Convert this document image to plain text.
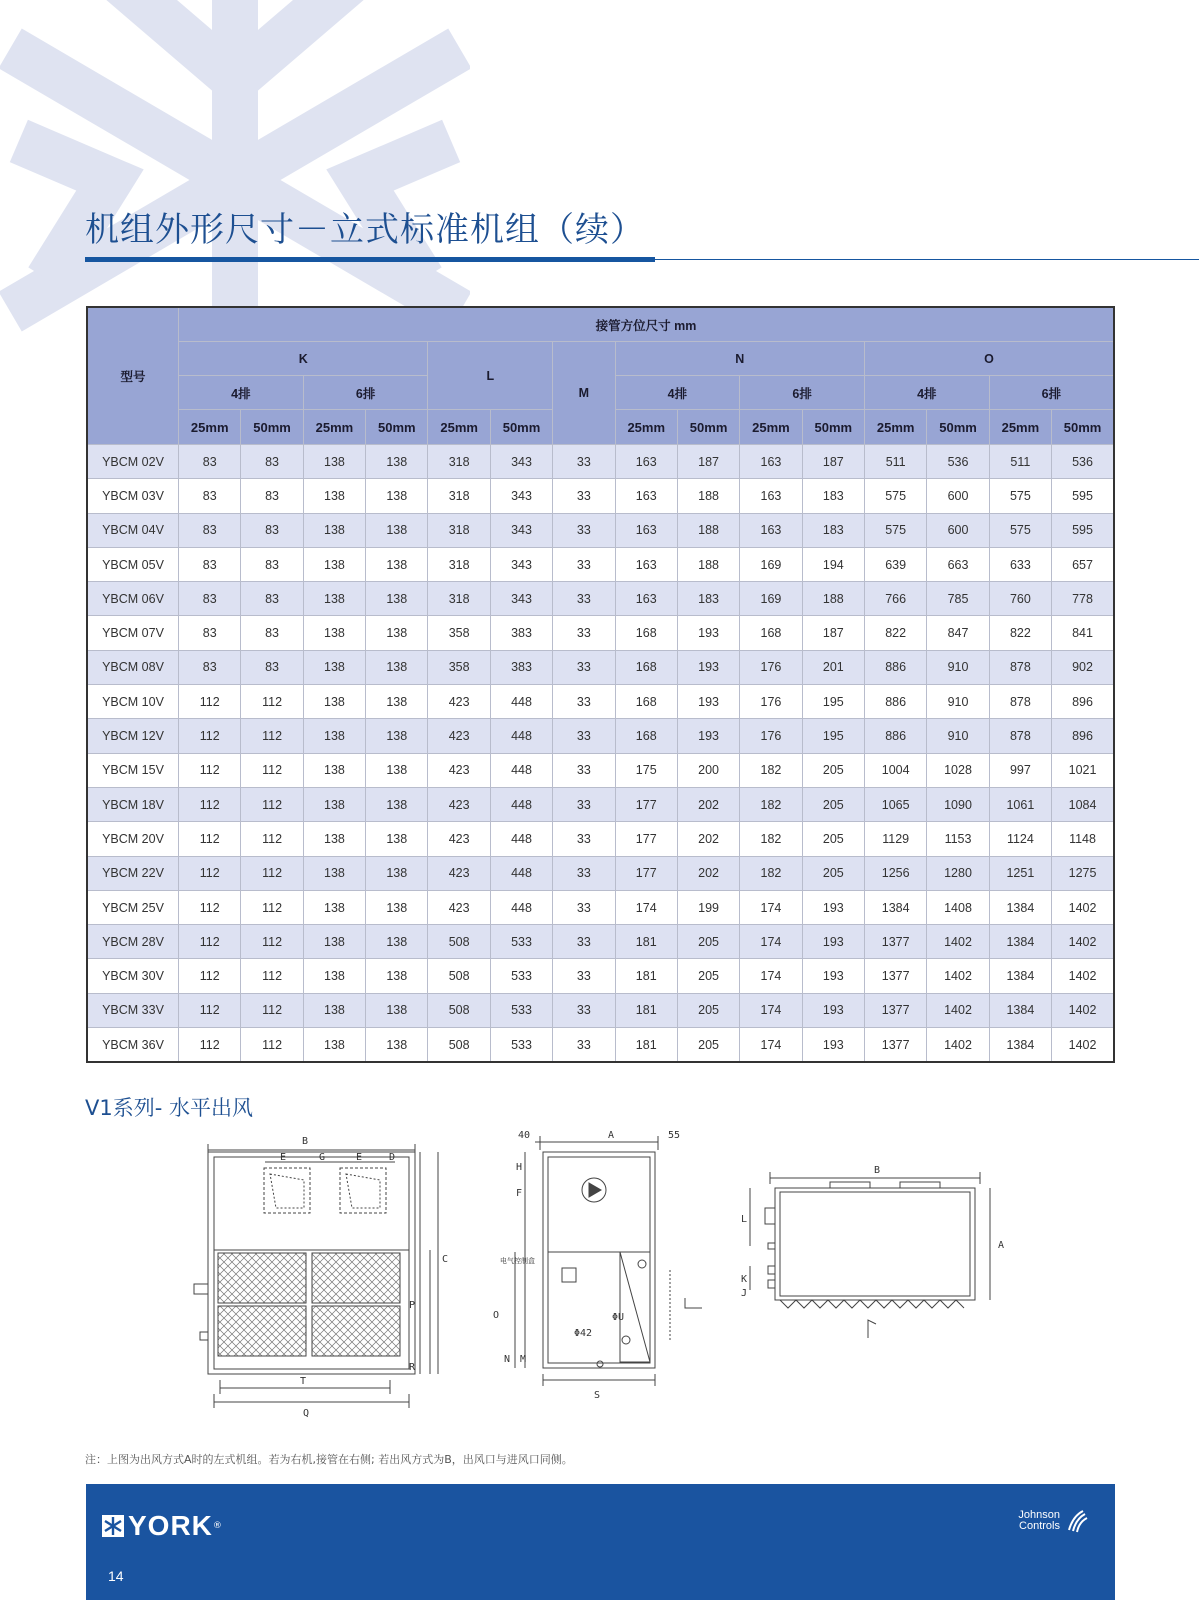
机组外形尺寸－立式标准机组（续）
型号	接管方位尺寸 mm														
	K				L		M	N				O			
	4排		6排					4排		6排		4排		6排	
	25mm	50mm	25mm	50mm	25mm	50mm		25mm	50mm	25mm	50mm	25mm	50mm	25mm	50mm
YBCM 02V	83	83	138	138	318	343	33	163	187	163	187	511	536	511	536
YBCM 03V	83	83	138	138	318	343	33	163	188	163	183	575	600	575	595
YBCM 04V	83	83	138	138	318	343	33	163	188	163	183	575	600	575	595
YBCM 05V	83	83	138	138	318	343	33	163	188	169	194	639	663	633	657
YBCM 06V	83	83	138	138	318	343	33	163	183	169	188	766	785	760	778
YBCM 07V	83	83	138	138	358	383	33	168	193	168	187	822	847	822	841
YBCM 08V	83	83	138	138	358	383	33	168	193	176	201	886	910	878	902
YBCM 10V	112	112	138	138	423	448	33	168	193	176	195	886	910	878	896
YBCM 12V	112	112	138	138	423	448	33	168	193	176	195	886	910	878	896
YBCM 15V	112	112	138	138	423	448	33	175	200	182	205	1004	1028	997	1021
YBCM 18V	112	112	138	138	423	448	33	177	202	182	205	1065	1090	1061	1084
YBCM 20V	112	112	138	138	423	448	33	177	202	182	205	1129	1153	1124	1148
YBCM 22V	112	112	138	138	423	448	33	177	202	182	205	1256	1280	1251	1275
YBCM 25V	112	112	138	138	423	448	33	174	199	174	193	1384	1408	1384	1402
YBCM 28V	112	112	138	138	508	533	33	181	205	174	193	1377	1402	1384	1402
YBCM 30V	112	112	138	138	508	533	33	181	205	174	193	1377	1402	1384	1402
YBCM 33V	112	112	138	138	508	533	33	181	205	174	193	1377	1402	1384	1402
YBCM 36V	112	112	138	138	508	533	33	181	205	174	193	1377	1402	1384	1402
V1系列- 水平出风
B
E	G	E	D
C
P
R
T
Q
40	A	55
H
F
电气控制盒
O	ΦU
Φ42
N M
S
B
L
A
K
J
注：上图为出风方式A时的左式机组。若为右机,接管在右侧; 若出风方式为B，出风口与进风口同侧。
YORK ®
Johnson
Controls
14
